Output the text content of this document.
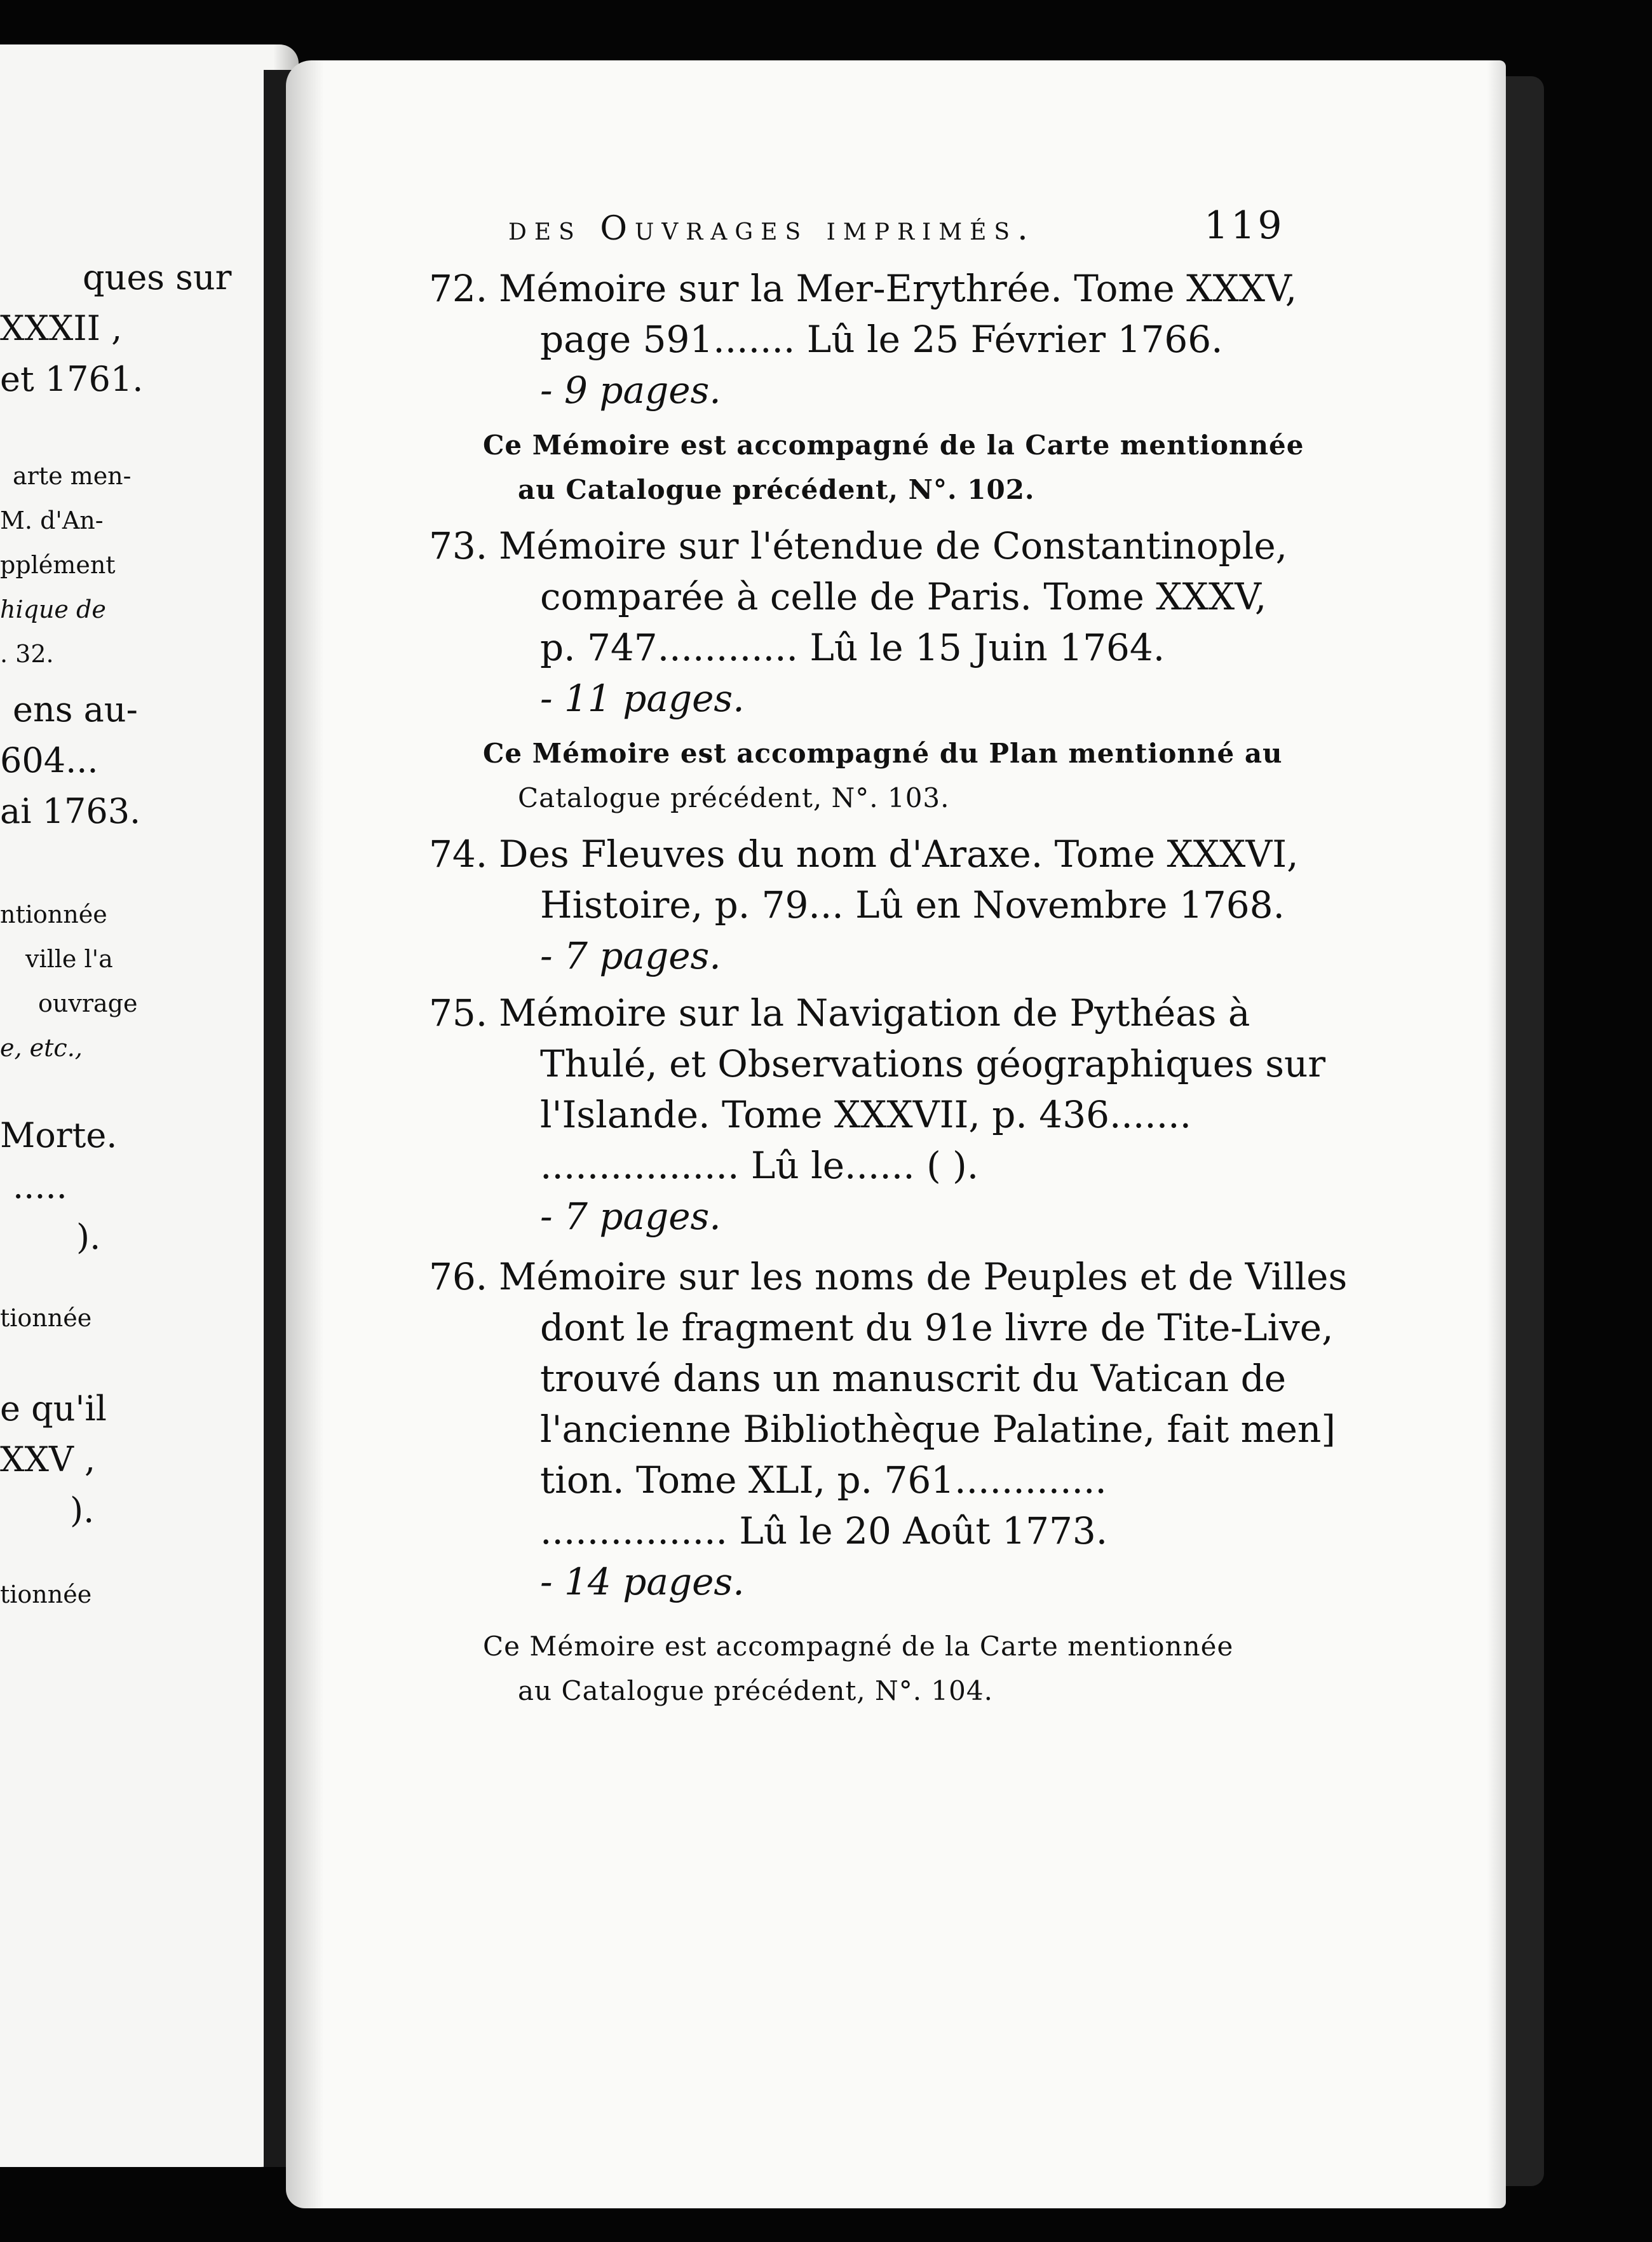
ques sur
XXXII ,
et 1761.
arte men-
M. d'An-
pplément
hique de
. 32.
ens au-
604...
ai 1763.
ntionnée
ville l'a
ouvrage
e, etc.,
Morte.
.....
).
tionnée
e qu'il
XXV ,
).
tionnée
des Ouvrages imprimés.	119
72. Mémoire sur la Mer-Erythrée. Tome XXXV,
page 591....... Lû le 25 Février 1766.
- 9 pages.
Ce Mémoire est accompagné de la Carte mentionnée
au Catalogue précédent, N°. 102.
73. Mémoire sur l'étendue de Constantinople,
comparée à celle de Paris. Tome XXXV,
p. 747............ Lû le 15 Juin 1764.
- 11 pages.
Ce Mémoire est accompagné du Plan mentionné au
Catalogue précédent, N°. 103.
74. Des Fleuves du nom d'Araxe. Tome XXXVI,
Histoire, p. 79... Lû en Novembre 1768.
- 7 pages.
75. Mémoire sur la Navigation de Pythéas à
Thulé, et Observations géographiques sur
l'Islande. Tome XXXVII, p. 436.......
................. Lû le...... ( ).
- 7 pages.
76. Mémoire sur les noms de Peuples et de Villes
dont le fragment du 91e livre de Tite-Live,
trouvé dans un manuscrit du Vatican de
l'ancienne Bibliothèque Palatine, fait men]
tion. Tome XLI, p. 761.............
................ Lû le 20 Août 1773.
- 14 pages.
Ce Mémoire est accompagné de la Carte mentionnée
au Catalogue précédent, N°. 104.
